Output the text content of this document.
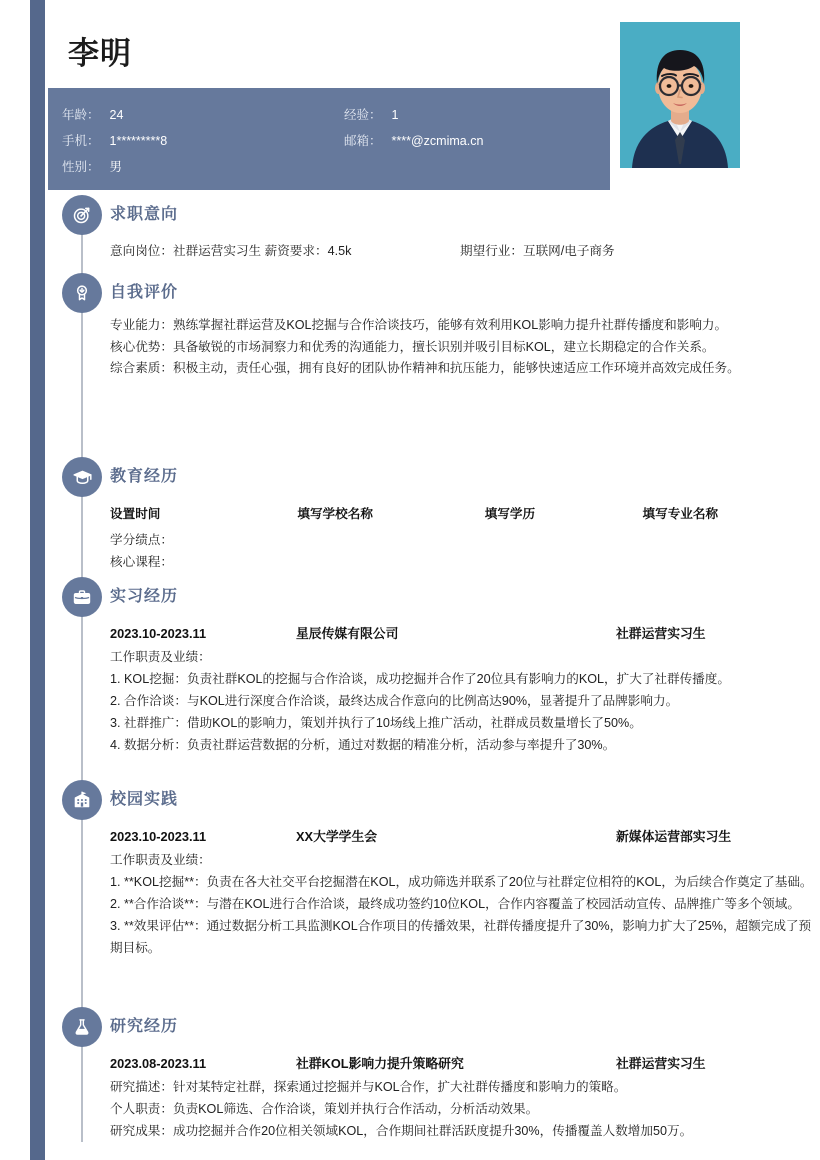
李明
年龄： 24	经验： 1
手机： 1*********8	邮箱： ****@zcmima.cn
性别： 男
求职意向
意向岗位：社群运营实习生 薪资要求：4.5k	期望行业：互联网/电子商务
自我评价

专业能力：熟练掌握社群运营及KOL挖掘与合作洽谈技巧，能够有效利用KOL影响力提升社群传播度和影响力。

核心优势：具备敏锐的市场洞察力和优秀的沟通能力，擅长识别并吸引目标KOL，建立长期稳定的合作关系。

综合素质：积极主动，责任心强，拥有良好的团队协作精神和抗压能力，能够快速适应工作环境并高效完成任务。

教育经历
设置时间	填写学校名称	填写学历	填写专业名称

学分绩点：

核心课程：

实习经历
2023.10-2023.11	星辰传媒有限公司	社群运营实习生

工作职责及业绩：

1. KOL挖掘：负责社群KOL的挖掘与合作洽谈，成功挖掘并合作了20位具有影响力的KOL，扩大了社群传播度。

2. 合作洽谈：与KOL进行深度合作洽谈，最终达成合作意向的比例高达90%，显著提升了品牌影响力。

3. 社群推广：借助KOL的影响力，策划并执行了10场线上推广活动，社群成员数量增长了50%。

4. 数据分析：负责社群运营数据的分析，通过对数据的精准分析，活动参与率提升了30%。

校园实践
2023.10-2023.11	XX大学学生会	新媒体运营部实习生

工作职责及业绩：

1. **KOL挖掘**：负责在各大社交平台挖掘潜在KOL，成功筛选并联系了20位与社群定位相符的KOL，为后续合作奠定了基础。

2. **合作洽谈**：与潜在KOL进行合作洽谈，最终成功签约10位KOL，合作内容覆盖了校园活动宣传、品牌推广等多个领域。

3. **效果评估**：通过数据分析工具监测KOL合作项目的传播效果，社群传播度提升了30%，影响力扩大了25%，超额完成了预期目标。

研究经历
2023.08-2023.11	社群KOL影响力提升策略研究	社群运营实习生

研究描述：针对某特定社群，探索通过挖掘并与KOL合作，扩大社群传播度和影响力的策略。

个人职责：负责KOL筛选、合作洽谈，策划并执行合作活动，分析活动效果。

研究成果：成功挖掘并合作20位相关领域KOL，合作期间社群活跃度提升30%，传播覆盖人数增加50万。
